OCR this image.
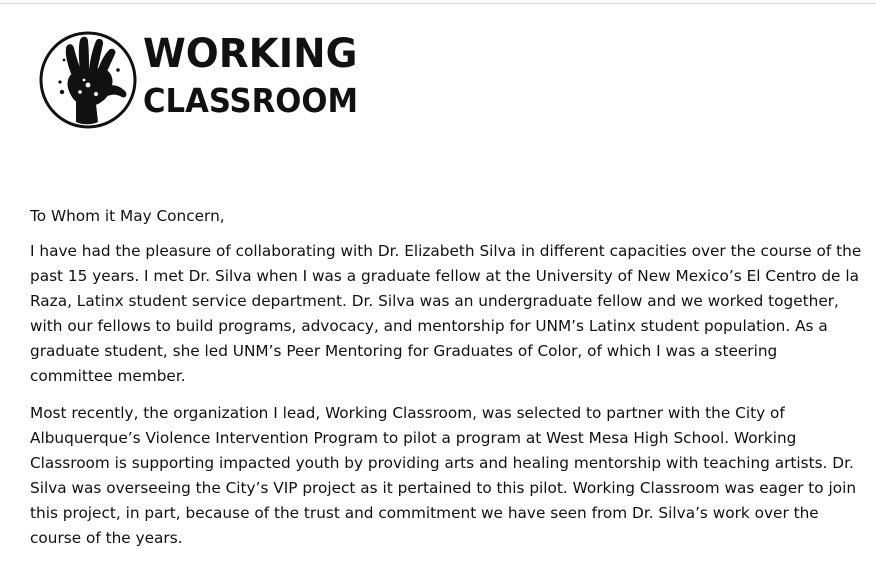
WORKING
CLASSROOM

To Whom it May Concern,

I have had the pleasure of collaborating with Dr. Elizabeth Silva in different capacities over the course of the past 15 years. I met Dr. Silva when I was a graduate fellow at the University of New Mexico’s El Centro de la Raza, Latinx student service department. Dr. Silva was an undergraduate fellow and we worked together, with our fellows to build programs, advocacy, and mentorship for UNM’s Latinx student population. As a graduate student, she led UNM’s Peer Mentoring for Graduates of Color, of which I was a steering committee member.

Most recently, the organization I lead, Working Classroom, was selected to partner with the City of Albuquerque’s Violence Intervention Program to pilot a program at West Mesa High School. Working Classroom is supporting impacted youth by providing arts and healing mentorship with teaching artists. Dr. Silva was overseeing the City’s VIP project as it pertained to this pilot. Working Classroom was eager to join this project, in part, because of the trust and commitment we have seen from Dr. Silva’s work over the course of the years.
